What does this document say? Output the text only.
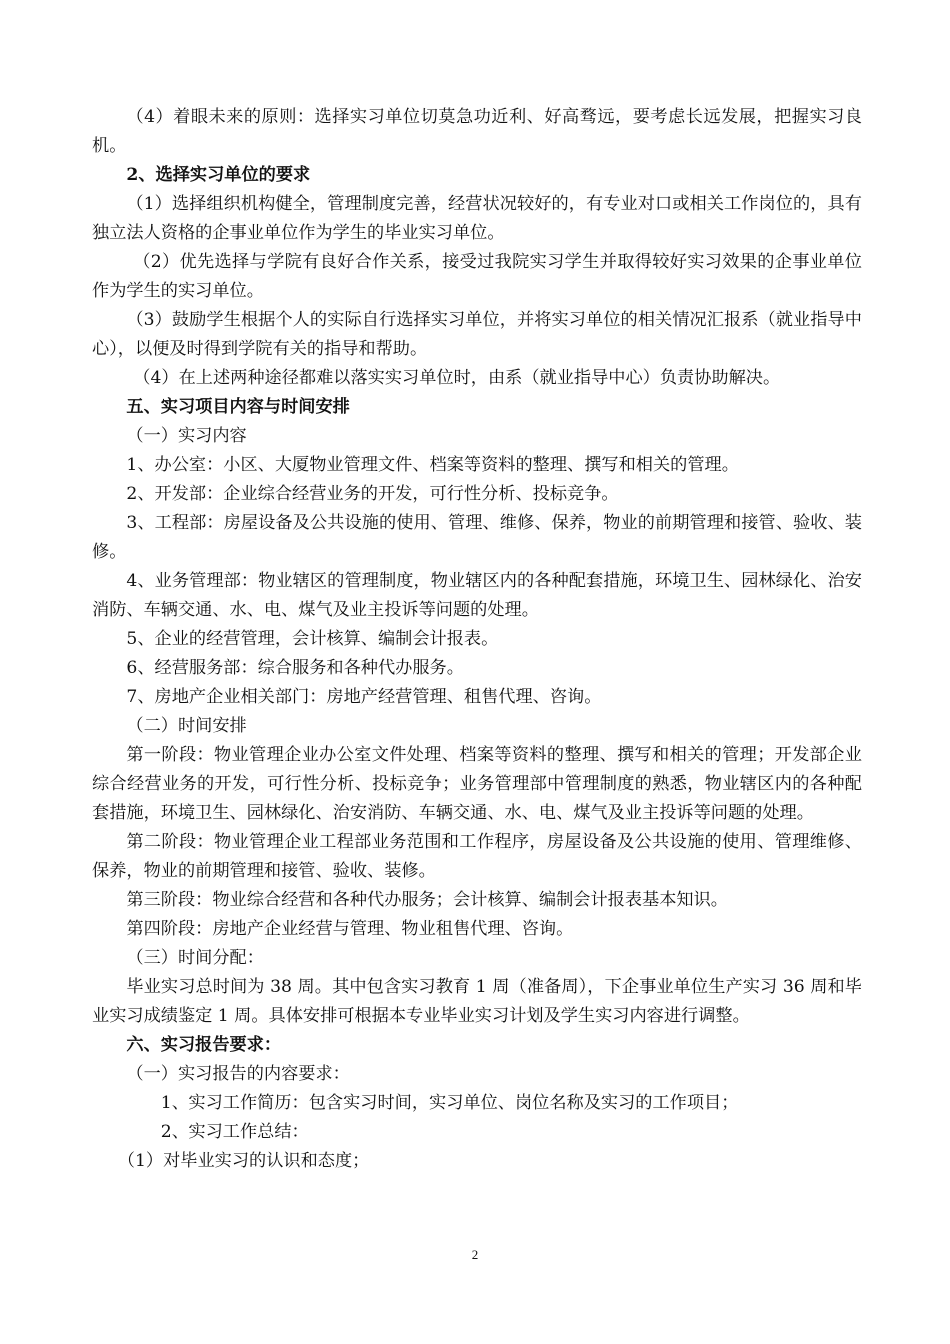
（4）着眼未来的原则：选择实习单位切莫急功近利、好高骛远，要考虑长远发展，把握实习良机。

2、选择实习单位的要求

（1）选择组织机构健全，管理制度完善，经营状况较好的，有专业对口或相关工作岗位的，具有独立法人资格的企事业单位作为学生的毕业实习单位。

（2）优先选择与学院有良好合作关系，接受过我院实习学生并取得较好实习效果的企事业单位作为学生的实习单位。

（3）鼓励学生根据个人的实际自行选择实习单位，并将实习单位的相关情况汇报系（就业指导中心），以便及时得到学院有关的指导和帮助。

（4）在上述两种途径都难以落实实习单位时，由系（就业指导中心）负责协助解决。

五、实习项目内容与时间安排

（一）实习内容

1、办公室：小区、大厦物业管理文件、档案等资料的整理、撰写和相关的管理。

2、开发部：企业综合经营业务的开发，可行性分析、投标竞争。

3、工程部：房屋设备及公共设施的使用、管理、维修、保养，物业的前期管理和接管、验收、装修。

4、业务管理部：物业辖区的管理制度，物业辖区内的各种配套措施，环境卫生、园林绿化、治安消防、车辆交通、水、电、煤气及业主投诉等问题的处理。

5、企业的经营管理，会计核算、编制会计报表。

6、经营服务部：综合服务和各种代办服务。

7、房地产企业相关部门：房地产经营管理、租售代理、咨询。

（二）时间安排

第一阶段：物业管理企业办公室文件处理、档案等资料的整理、撰写和相关的管理；开发部企业综合经营业务的开发，可行性分析、投标竞争；业务管理部中管理制度的熟悉，物业辖区内的各种配套措施，环境卫生、园林绿化、治安消防、车辆交通、水、电、煤气及业主投诉等问题的处理。

第二阶段：物业管理企业工程部业务范围和工作程序，房屋设备及公共设施的使用、管理维修、保养，物业的前期管理和接管、验收、装修。

第三阶段：物业综合经营和各种代办服务；会计核算、编制会计报表基本知识。

第四阶段：房地产企业经营与管理、物业租售代理、咨询。

（三）时间分配：

毕业实习总时间为 38 周。其中包含实习教育 1 周（准备周），下企事业单位生产实习 36 周和毕业实习成绩鉴定 1 周。具体安排可根据本专业毕业实习计划及学生实习内容进行调整。

六、实习报告要求：

（一）实习报告的内容要求：

1、实习工作简历：包含实习时间，实习单位、岗位名称及实习的工作项目；

2、实习工作总结：

（1）对毕业实习的认识和态度；

2
